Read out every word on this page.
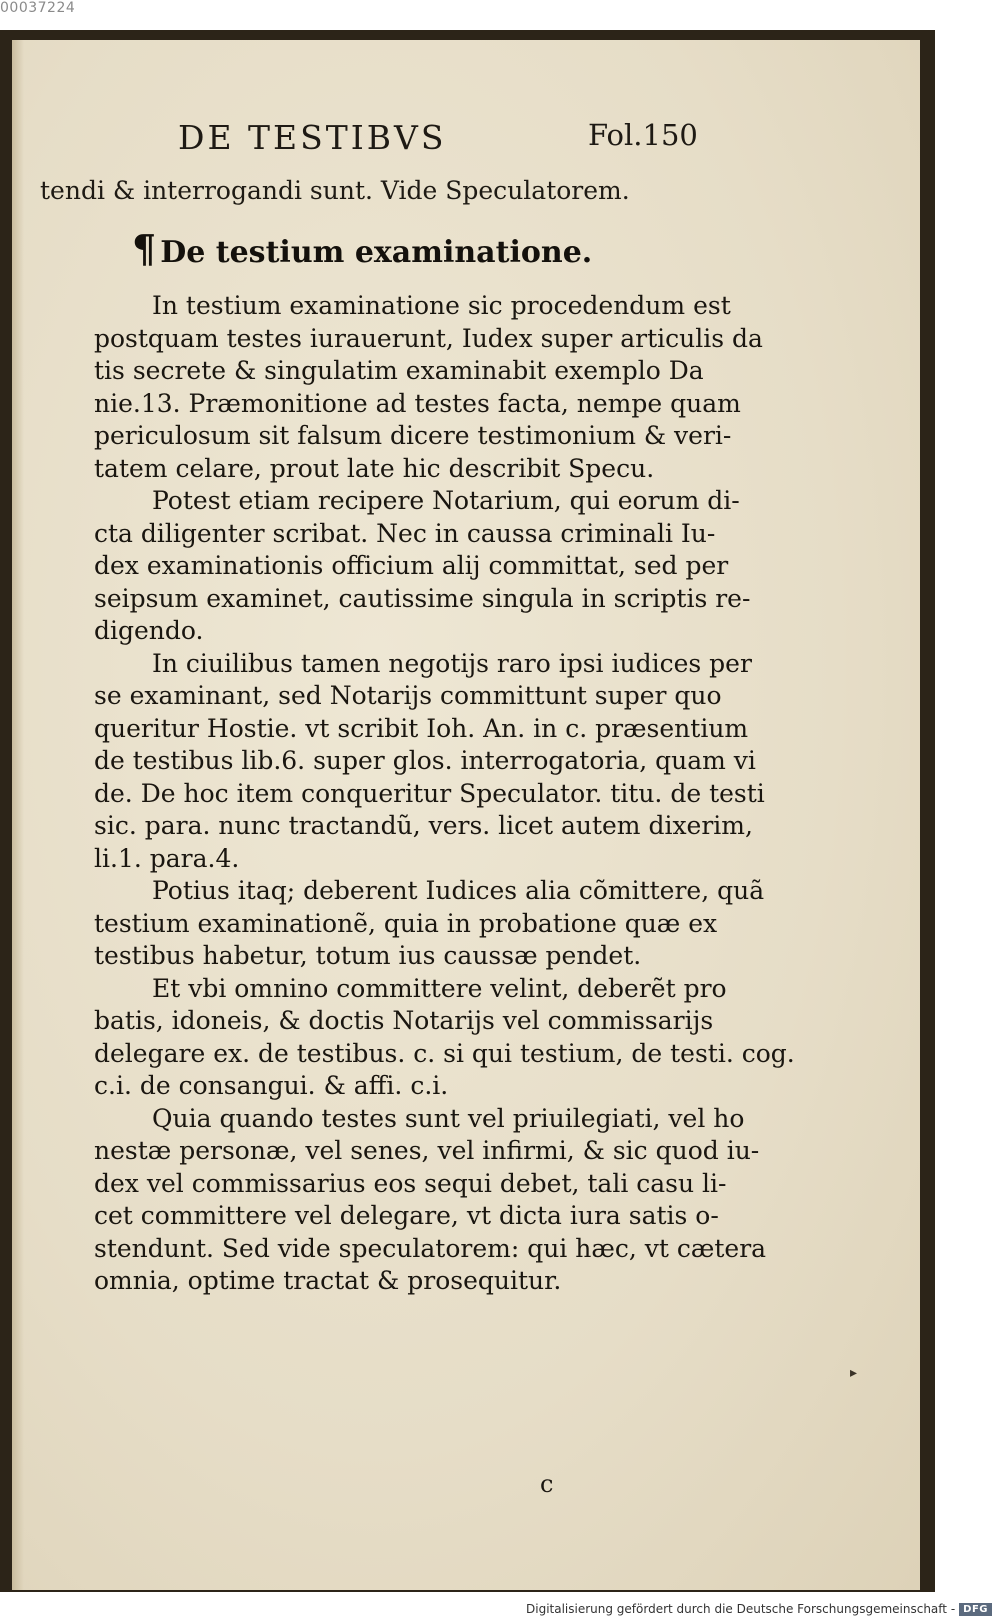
00037224
DE TESTIBVS	Fol.150
tendi & interrogandi sunt. Vide Speculatorem.
¶ De testium examinatione.
In testium examinatione sic procedendum est
postquam testes iurauerunt, Iudex super articulis da
tis secrete & singulatim examinabit exemplo Da
nie.13. Præmonitione ad testes facta, nempe quam
periculosum sit falsum dicere testimonium & veri-
tatem celare, prout late hic describit Specu.
Potest etiam recipere Notarium, qui eorum di-
cta diligenter scribat. Nec in caussa criminali Iu-
dex examinationis officium alij committat, sed per
seipsum examinet, cautissime singula in scriptis re-
digendo.
In ciuilibus tamen negotijs raro ipsi iudices per
se examinant, sed Notarijs committunt super quo
queritur Hostie. vt scribit Ioh. An. in c. præsentium
de testibus lib.6. super glos. interrogatoria, quam vi
de. De hoc item conqueritur Speculator. titu. de testi
sic. para. nunc tractandũ, vers. licet autem dixerim,
li.1. para.4.
Potius itaq; deberent Iudices alia cõmittere, quã
testium examinationẽ, quia in probatione quæ ex
testibus habetur, totum ius caussæ pendet.
Et vbi omnino committere velint, deberẽt pro
batis, idoneis, & doctis Notarijs vel commissarijs
delegare ex. de testibus. c. si qui testium, de testi. cog.
c.i. de consangui. & affi. c.i.
Quia quando testes sunt vel priuilegiati, vel ho
nestæ personæ, vel senes, vel infirmi, & sic quod iu-
dex vel commissarius eos sequi debet, tali casu li-
cet committere vel delegare, vt dicta iura satis o-
stendunt. Sed vide speculatorem: qui hæc, vt cætera
omnia, optime tractat & prosequitur.
c
▸
Digitalisierung gefördert durch die Deutsche Forschungsgemeinschaft - DFG
